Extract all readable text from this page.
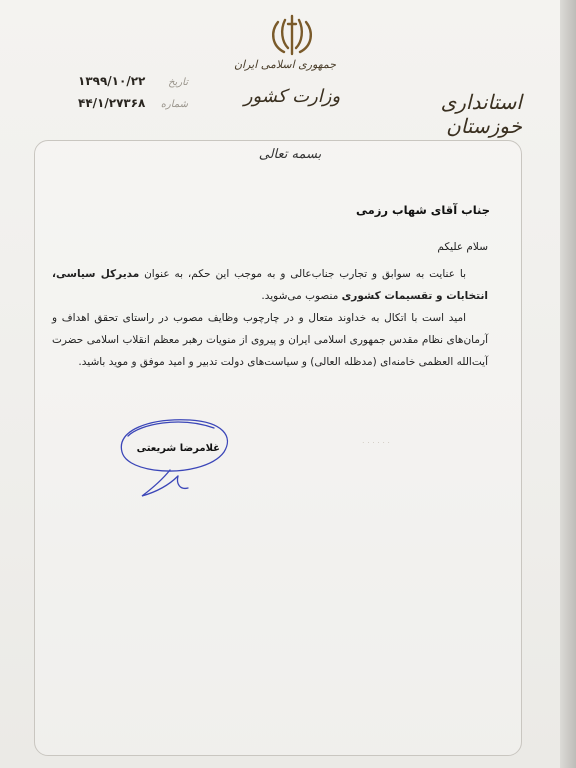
جمهوری اسلامی ایران
وزارت کشور	استانداری خوزستان
تاریخ
۱۳۹۹/۱۰/۲۲
شماره
۴۴/۱/۲۷۳۶۸
بسمه تعالی
جناب آقای شهاب رزمی
سلام علیکم

با عنایت به سوابق و تجارب جناب‌عالی و به موجب این حکم، به عنوان مدیرکل سیاسی، انتخابات و تقسیمات کشوری منصوب می‌شوید.

امید است با اتکال به خداوند متعال و در چارچوب وظایف مصوب در راستای تحقق اهداف و آرمان‌های نظام مقدس جمهوری اسلامی ایران و پیروی از منویات رهبر معظم انقلاب اسلامی حضرت آیت‌الله العظمی خامنه‌ای (مدظله العالی) و سیاست‌های دولت تدبیر و امید موفق و موید باشید.

غلامرضا شریعتی
. . . . . .
